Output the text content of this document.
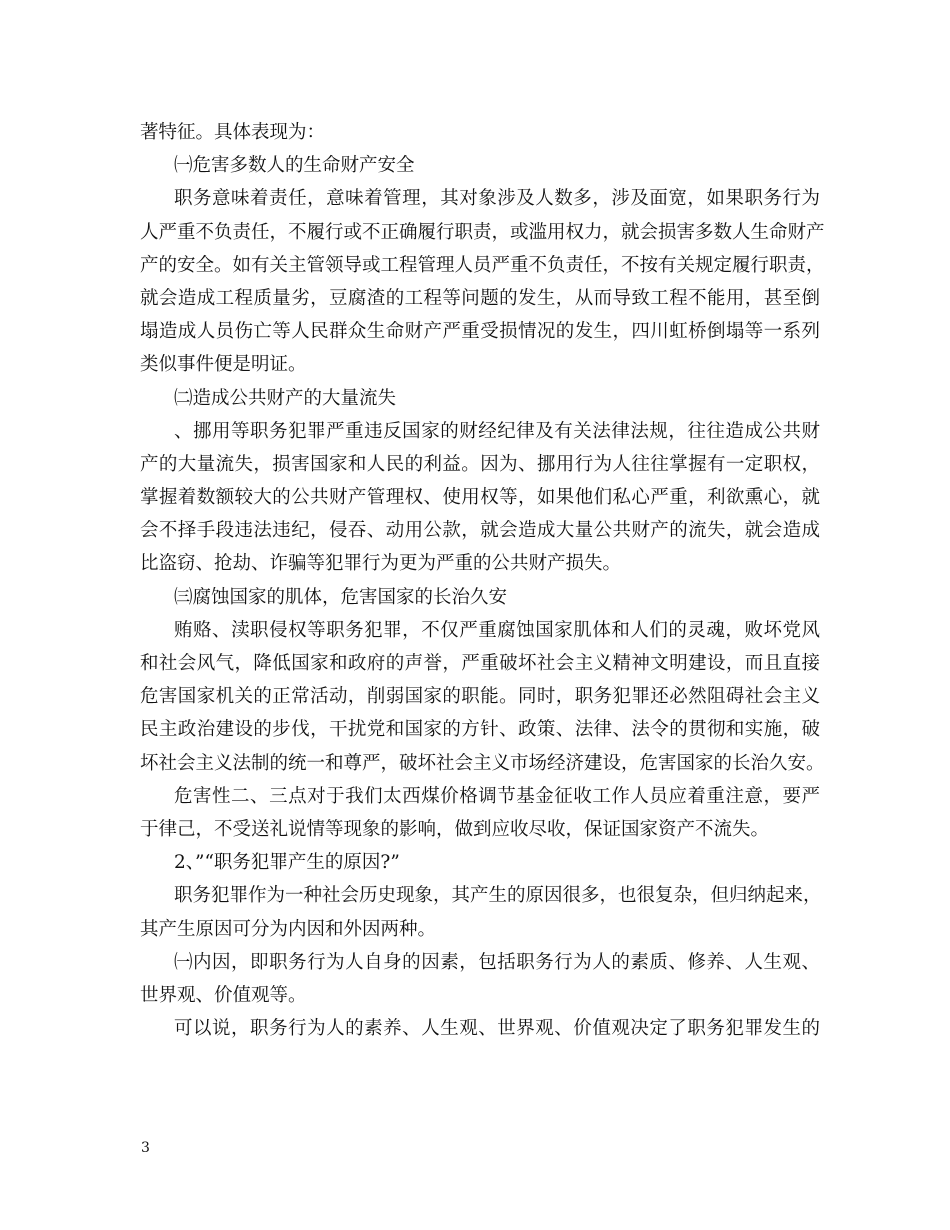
著特征。具体表现为：
㈠危害多数人的生命财产安全
职务意味着责任，意味着管理，其对象涉及人数多，涉及面宽，如果职务行为
人严重不负责任，不履行或不正确履行职责，或滥用权力，就会损害多数人生命财产
产的安全。如有关主管领导或工程管理人员严重不负责任，不按有关规定履行职责，
就会造成工程质量劣，豆腐渣的工程等问题的发生，从而导致工程不能用，甚至倒
塌造成人员伤亡等人民群众生命财产严重受损情况的发生，四川虹桥倒塌等一系列
类似事件便是明证。
㈡造成公共财产的大量流失
、挪用等职务犯罪严重违反国家的财经纪律及有关法律法规，往往造成公共财
产的大量流失，损害国家和人民的利益。因为、挪用行为人往往掌握有一定职权，
掌握着数额较大的公共财产管理权、使用权等，如果他们私心严重，利欲熏心，就
会不择手段违法违纪，侵吞、动用公款，就会造成大量公共财产的流失，就会造成
比盗窃、抢劫、诈骗等犯罪行为更为严重的公共财产损失。
㈢腐蚀国家的肌体，危害国家的长治久安
贿赂、渎职侵权等职务犯罪，不仅严重腐蚀国家肌体和人们的灵魂，败坏党风
和社会风气，降低国家和政府的声誉，严重破坏社会主义精神文明建设，而且直接
危害国家机关的正常活动，削弱国家的职能。同时，职务犯罪还必然阻碍社会主义
民主政治建设的步伐，干扰党和国家的方针、政策、法律、法令的贯彻和实施，破
坏社会主义法制的统一和尊严，破坏社会主义市场经济建设，危害国家的长治久安。
危害性二、三点对于我们太西煤价格调节基金征收工作人员应着重注意，要严
于律己，不受送礼说情等现象的影响，做到应收尽收，保证国家资产不流失。
2、”“职务犯罪产生的原因?”
职务犯罪作为一种社会历史现象，其产生的原因很多，也很复杂，但归纳起来，
其产生原因可分为内因和外因两种。
㈠内因，即职务行为人自身的因素，包括职务行为人的素质、修养、人生观、
世界观、价值观等。
可以说，职务行为人的素养、人生观、世界观、价值观决定了职务犯罪发生的
3
